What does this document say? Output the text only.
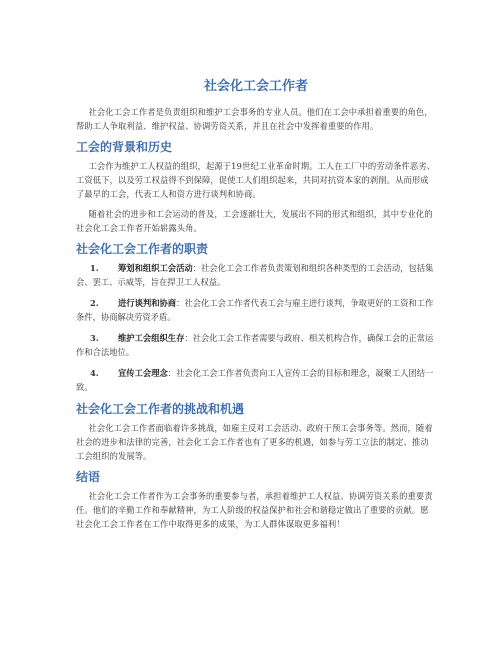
社会化工会工作者

社会化工会工作者是负责组织和维护工会事务的专业人员。他们在工会中承担着重要的角色，帮助工人争取利益、维护权益、协调劳资关系，并且在社会中发挥着重要的作用。

工会的背景和历史

工会作为维护工人权益的组织，起源于19世纪工业革命时期。工人在工厂中的劳动条件恶劣、工资低下，以及劳工权益得不到保障，促使工人们组织起来，共同对抗资本家的剥削。从而形成了最早的工会，代表工人和资方进行谈判和协商。

随着社会的进步和工会运动的普及，工会逐渐壮大，发展出不同的形式和组织，其中专业化的社会化工会工作者开始崭露头角。

社会化工会工作者的职责

1. 筹划和组织工会活动：社会化工会工作者负责策划和组织各种类型的工会活动，包括集会、罢工、示威等，旨在捍卫工人权益。

2. 进行谈判和协商：社会化工会工作者代表工会与雇主进行谈判，争取更好的工资和工作条件，协商解决劳资矛盾。

3. 维护工会组织生存：社会化工会工作者需要与政府、相关机构合作，确保工会的正常运作和合法地位。

4. 宣传工会理念：社会化工会工作者负责向工人宣传工会的目标和理念，凝聚工人团结一致。

社会化工会工作者的挑战和机遇

社会化工会工作者面临着许多挑战，如雇主反对工会活动、政府干预工会事务等。然而，随着社会的进步和法律的完善，社会化工会工作者也有了更多的机遇，如参与劳工立法的制定、推动工会组织的发展等。

结语

社会化工会工作者作为工会事务的重要参与者，承担着维护工人权益、协调劳资关系的重要责任。他们的辛勤工作和奉献精神，为工人阶级的权益保护和社会和谐稳定做出了重要的贡献。愿社会化工会工作者在工作中取得更多的成果，为工人群体谋取更多福利！
